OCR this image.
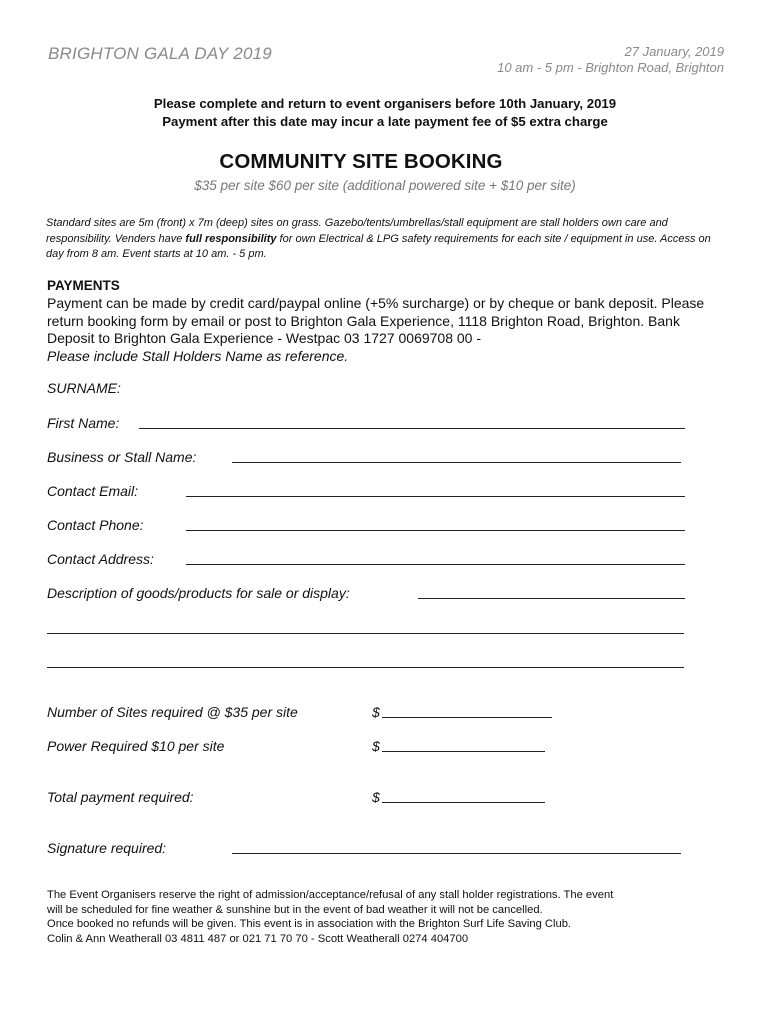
BRIGHTON GALA DAY 2019	27 January, 2019
10 am - 5 pm - Brighton Road, Brighton
Please complete and return to event organisers before 10th January, 2019
Payment after this date may incur a late payment fee of $5 extra charge
COMMUNITY SITE BOOKING
$35 per site $60 per site (additional powered site + $10 per site)
Standard sites are 5m (front) x 7m (deep) sites on grass. Gazebo/tents/umbrellas/stall equipment are stall holders own care and responsibility. Venders have full responsibility for own Electrical & LPG safety requirements for each site / equipment in use. Access on day from 8 am. Event starts at 10 am. - 5 pm.
PAYMENTS
Payment can be made by credit card/paypal online (+5% surcharge) or by cheque or bank deposit. Please return booking form by email or post to Brighton Gala Experience, 1118 Brighton Road, Brighton. Bank Deposit to Brighton Gala Experience - Westpac 03 1727 0069708 00 -
Please include Stall Holders Name as reference.
SURNAME:
First Name:
Business or Stall Name:
Contact Email:
Contact Phone:
Contact Address:
Description of goods/products for sale or display:
Number of Sites required @ $35 per site	$
Power Required $10 per site	$
Total payment required:	$
Signature required:
The Event Organisers reserve the right of admission/acceptance/refusal of any stall holder registrations. The event
will be scheduled for fine weather & sunshine but in the event of bad weather it will not be cancelled.
Once booked no refunds will be given. This event is in association with the Brighton Surf Life Saving Club.
Colin & Ann Weatherall 03 4811 487 or 021 71 70 70 - Scott Weatherall 0274 404700
